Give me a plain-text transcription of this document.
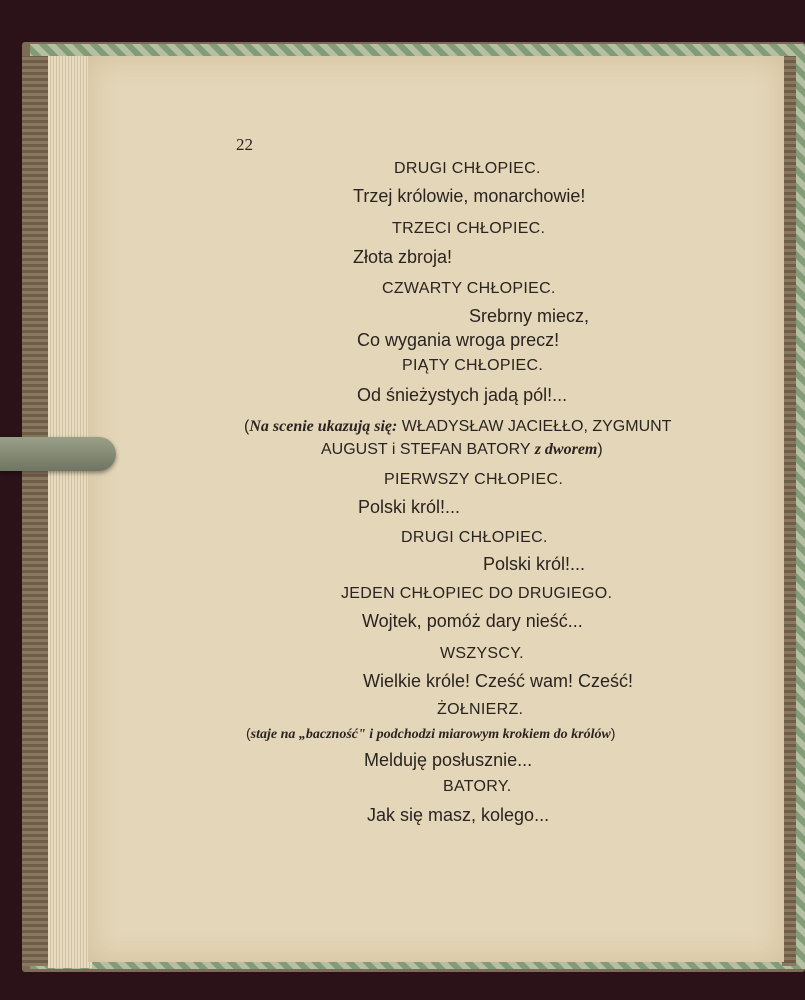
22
DRUGI CHŁOPIEC.
Trzej królowie, monarchowie!
TRZECI CHŁOPIEC.
Złota zbroja!
CZWARTY CHŁOPIEC.
Srebrny miecz,
Co wygania wroga precz!
PIĄTY CHŁOPIEC.
Od śnieżystych jadą pól!...
(Na scenie ukazują się: WŁADYSŁAW JACIEŁŁO, ZYGMUNT
AUGUST i STEFAN BATORY z dworem)
PIERWSZY CHŁOPIEC.
Polski król!...
DRUGI CHŁOPIEC.
Polski król!...
JEDEN CHŁOPIEC DO DRUGIEGO.
Wojtek, pomóż dary nieść...
WSZYSCY.
Wielkie króle! Cześć wam! Cześć!
ŻOŁNIERZ.
(staje na „baczność" i podchodzi miarowym krokiem do królów)
Melduję posłusznie...
BATORY.
Jak się masz, kolego...
